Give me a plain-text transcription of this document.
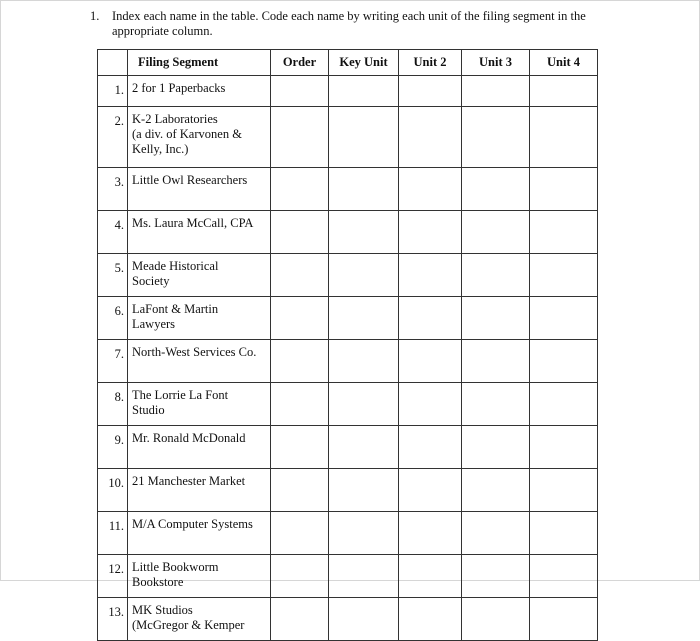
1. Index each name in the table. Code each name by writing each unit of the filing segment in the appropriate column.
	Filing Segment	Order	Key Unit	Unit 2	Unit 3	Unit 4
1.	2 for 1 Paperbacks					

2.	K-2 Laboratories
(a div. of Karvonen &
Kelly, Inc.)					

3.	Little Owl Researchers					

4.	Ms. Laura McCall, CPA					

5.	Meade Historical
Society					

6.	LaFont & Martin
Lawyers					

7.	North-West Services Co.					

8.	The Lorrie La Font
Studio					

9.	Mr. Ronald McDonald					

10.	21 Manchester Market					

11.	M/A Computer Systems					

12.	Little Bookworm
Bookstore					

13.	MK Studios
(McGregor & Kemper					
